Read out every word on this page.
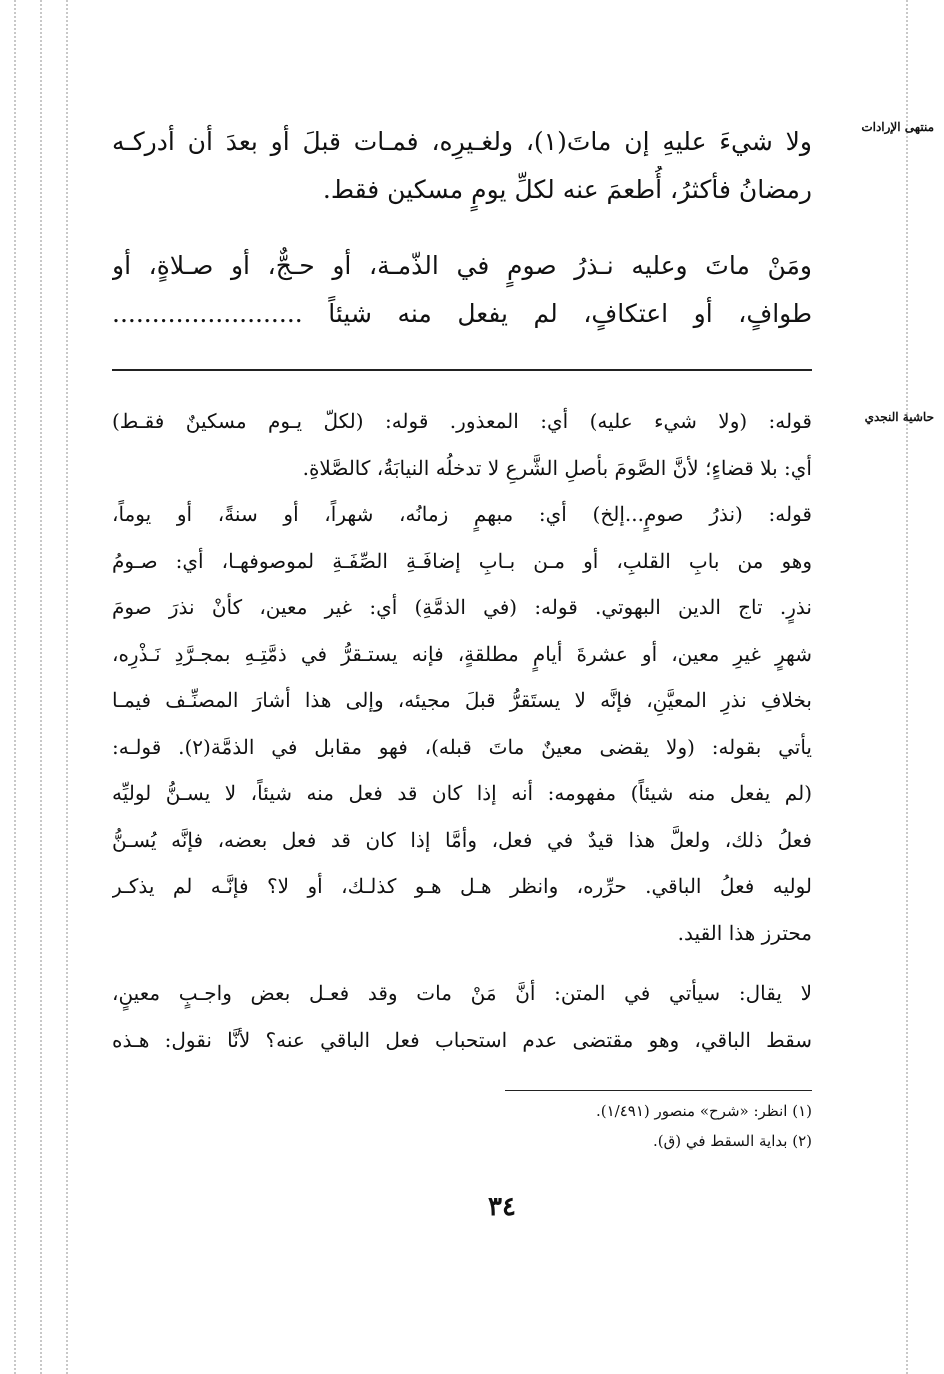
منتهى الإرادات
حاشية النجدي
ولا شيءَ عليهِ إن ماتَ(١)، ولغـيرِه، فمـات قبلَ أو بعدَ أن أدركـه
رمضانُ فأكثرُ، أُطعمَ عنه لكلِّ يومٍ مسكين فقط.
ومَنْ ماتَ وعليه نـذرُ صومٍ في الذّمـة، أو حـجٌّ، أو صـلاةٍ، أو
طوافٍ، أو اعتكافٍ، لم يفعل منه شيئاً ........................
قوله: (ولا شيء عليه) أي: المعذور. قوله: (لكلّ يـوم مسكينٌ فقـط)
أي: بلا قضاءٍ؛ لأنَّ الصَّومَ بأصلِ الشَّرعِ لا تدخلُه النيابَةُ، كالصَّلاةِ.
قوله: (نذرُ صومٍ...إلخ) أي: مبهمٍ زمانُه، شهراً، أو سنةً، أو يوماً،
وهو من بابِ القلبِ، أو مـن بـابِ إضافَـةِ الصِّفَـةِ لموصوفهـا، أي: صـومُ
نذرٍ. تاج الدين البهوتي. قوله: (في الذمَّةِ) أي: غير معين، كأنْ نذرَ صومَ
شهرٍ غيرِ معين، أو عشرةَ أيامٍ مطلقةٍ، فإنه يستـقرُّ في ذمَّتِـهِ بمجـرَّدِ نَـذْرِه،
بخلافِ نذرِ المعيَّنِ، فإنَّه لا يستَقرُّ قبلَ مجيئه، وإلى هذا أشارَ المصنِّـف فيمـا
يأتي بقوله: (ولا يقضى معينٌ ماتَ قبله)، فهو مقابل في الذمَّة(٢). قولـه:
(لم يفعل منه شيئاً) مفهومه: أنه إذا كان قد فعل منه شيئاً، لا يسـنُّ لوليِّه
فعلُ ذلك، ولعلَّ هذا قيدٌ في فعل، وأمَّا إذا كان قد فعل بعضه، فإنَّه يُسـنُّ
لوليه فعلُ الباقي. حرِّره، وانظر هـل هـو كذلـك، أو لا؟ فإنَّـه لم يذكـر
محترز هذا القيد.
لا يقال: سيأتي في المتن: أنَّ مَنْ مات وقد فعـل بعض واجـبٍ معينٍ،
سقط الباقي، وهو مقتضى عدم استحباب فعل الباقي عنه؟ لأنَّا نقول: هـذه
(١) انظر: «شرح» منصور (١/٤٩١).
(٢) بداية السقط في (ق).
٣٤
